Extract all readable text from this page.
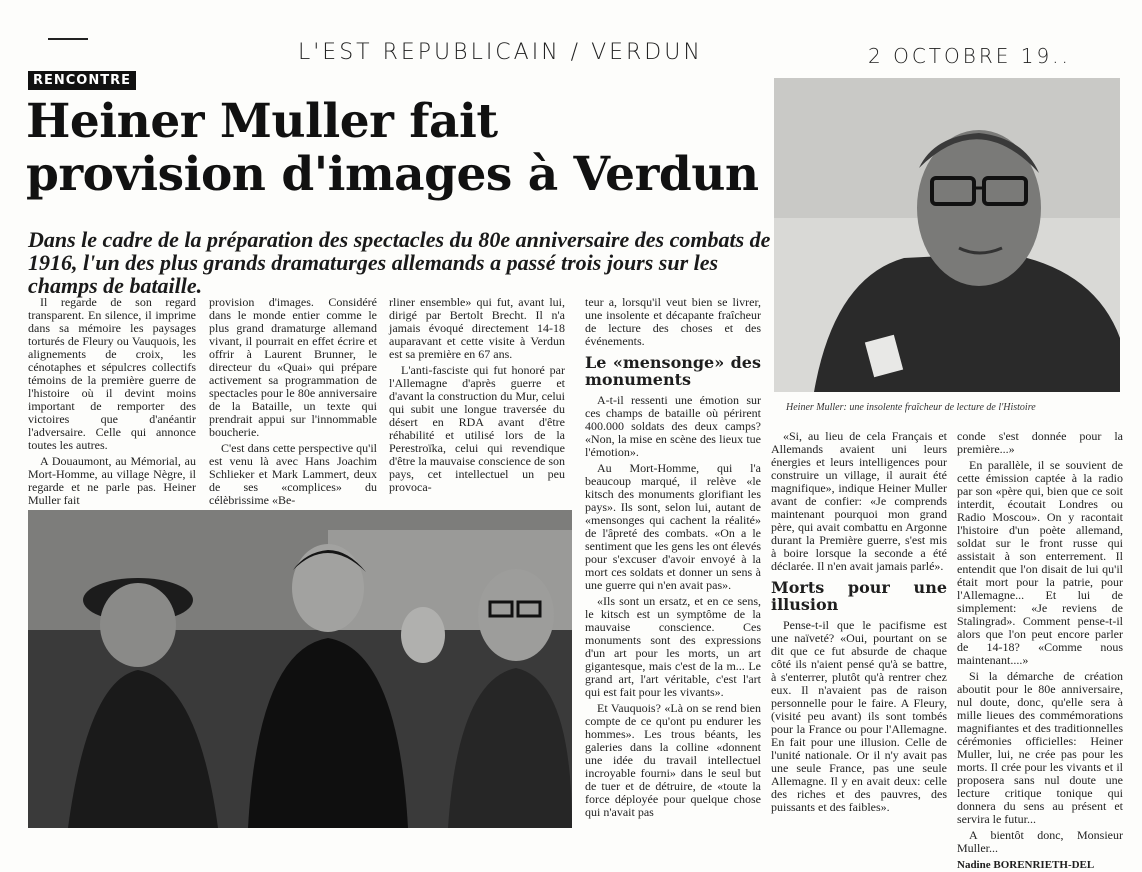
L'EST REPUBLICAIN / VERDUN	2 OCTOBRE 19..
RENCONTRE
Heiner Muller fait
provision d'images à Verdun
Heiner Muller: une insolente fraîcheur de lecture de l'Histoire
Dans le cadre de la préparation des spectacles du 80e anniversaire des combats de 1916, l'un des plus grands dramaturges allemands a passé trois jours sur les champs de bataille.

Il regarde de son regard transparent. En silence, il imprime dans sa mémoire les paysages torturés de Fleury ou Vauquois, les alignements de croix, les cénotaphes et sépulcres collectifs témoins de la première guerre de l'histoire où il devint moins important de remporter des victoires que d'anéantir l'adversaire. Celle qui annonce toutes les autres.

A Douaumont, au Mémorial, au Mort-Homme, au village Nègre, il regarde et ne parle pas. Heiner Muller fait

provision d'images. Considéré dans le monde entier comme le plus grand dramaturge allemand vivant, il pourrait en effet écrire et offrir à Laurent Brunner, le directeur du «Quai» qui prépare activement sa programmation de spectacles pour le 80e anniversaire de la Bataille, un texte qui prendrait appui sur l'innommable boucherie.

C'est dans cette perspective qu'il est venu là avec Hans Joachim Schlieker et Mark Lammert, deux de ses «complices» du célèbrissime «Be-

rliner ensemble» qui fut, avant lui, dirigé par Bertolt Brecht. Il n'a jamais évoqué directement 14-18 auparavant et cette visite à Verdun est sa première en 67 ans.

L'anti-fasciste qui fut honoré par l'Allemagne d'après guerre et d'avant la construction du Mur, celui qui subit une longue traversée du désert en RDA avant d'être réhabilité et utilisé lors de la Perestroïka, celui qui revendique d'être la mauvaise conscience de son pays, cet intellectuel un peu provoca-

teur a, lorsqu'il veut bien se livrer, une insolente et décapante fraîcheur de lecture des choses et des événements.

Le «mensonge» des monuments

A-t-il ressenti une émotion sur ces champs de bataille où périrent 400.000 soldats des deux camps? «Non, la mise en scène des lieux tue l'émotion».

Au Mort-Homme, qui l'a beaucoup marqué, il relève «le kitsch des monuments glorifiant les pays». Ils sont, selon lui, autant de «mensonges qui cachent la réalité» de l'âpreté des combats. «On a le sentiment que les gens les ont élevés pour s'excuser d'avoir envoyé à la mort ces soldats et donner un sens à une guerre qui n'en avait pas».

«Ils sont un ersatz, et en ce sens, le kitsch est un symptôme de la mauvaise conscience. Ces monuments sont des expressions d'un art pour les morts, un art gigantesque, mais c'est de la m... Le grand art, l'art véritable, c'est l'art qui est fait pour les vivants».

Et Vauquois? «Là on se rend bien compte de ce qu'ont pu endurer les hommes». Les trous béants, les galeries dans la colline «donnent une idée du travail intellectuel incroyable fourni» dans le seul but de tuer et de détruire, de «toute la force déployée pour quelque chose qui n'avait pas

«Si, au lieu de cela Français et Allemands avaient uni leurs énergies et leurs intelligences pour construire un village, il aurait été magnifique», indique Heiner Muller avant de confier: «Je comprends maintenant pourquoi mon grand père, qui avait combattu en Argonne durant la Première guerre, s'est mis à boire lorsque la seconde a été déclarée. Il n'en avait jamais parlé».

Morts pour une illusion

Pense-t-il que le pacifisme est une naïveté? «Oui, pourtant on se dit que ce fut absurde de chaque côté ils n'aient pensé qu'à se battre, à s'enterrer, plutôt qu'à rentrer chez eux. Il n'avaient pas de raison personnelle pour le faire. A Fleury, (visité peu avant) ils sont tombés pour la France ou pour l'Allemagne. En fait pour une illusion. Celle de l'unité nationale. Or il n'y avait pas une seule France, pas une seule Allemagne. Il y en avait deux: celle des riches et des pauvres, des puissants et des faibles».

conde s'est donnée pour la première...»

En parallèle, il se souvient de cette émission captée à la radio par son «père qui, bien que ce soit interdit, écoutait Londres ou Radio Moscou». On y racontait l'histoire d'un poète allemand, soldat sur le front russe qui assistait à son enterrement. Il entendit que l'on disait de lui qu'il était mort pour la patrie, pour l'Allemagne... Et lui de simplement: «Je reviens de Stalingrad». Comment pense-t-il alors que l'on peut encore parler de 14-18? «Comme nous maintenant....»

Si la démarche de création aboutit pour le 80e anniversaire, nul doute, donc, qu'elle sera à mille lieues des commémorations magnifiantes et des traditionnelles cérémonies officielles: Heiner Muller, lui, ne crée pas pour les morts. Il crée pour les vivants et il proposera sans nul doute une lecture critique tonique qui donnera du sens au présent et servira le futur...

A bientôt donc, Monsieur Muller...

Nadine BORENRIETH-DEL
